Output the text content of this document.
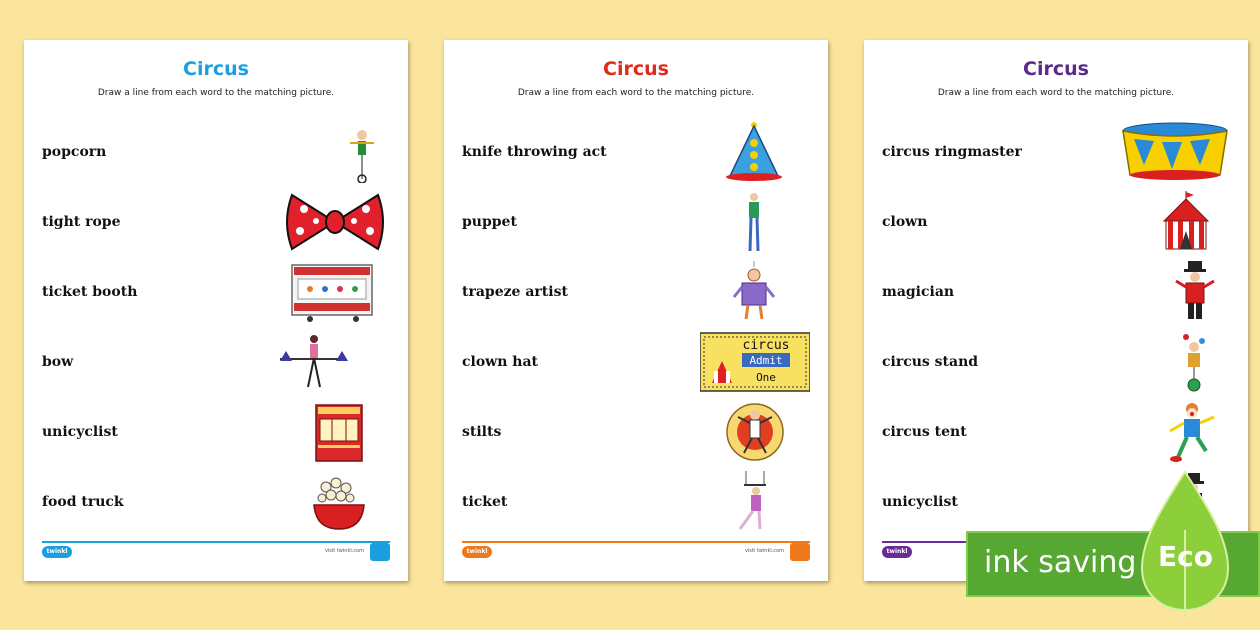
Circus
Draw a line from each word to the matching picture.
popcorn
tight rope
ticket booth
bow
unicyclist
food truck
twinkl	visit twinkl.com
Circus
Draw a line from each word to the matching picture.
knife throwing act
puppet
trapeze artist
clown hat
circus
Admit
One
stilts
ticket
twinkl	visit twinkl.com
Circus
Draw a line from each word to the matching picture.
circus ringmaster
clown
magician
circus stand
circus tent
unicyclist
twinkl	ink saving Eco
